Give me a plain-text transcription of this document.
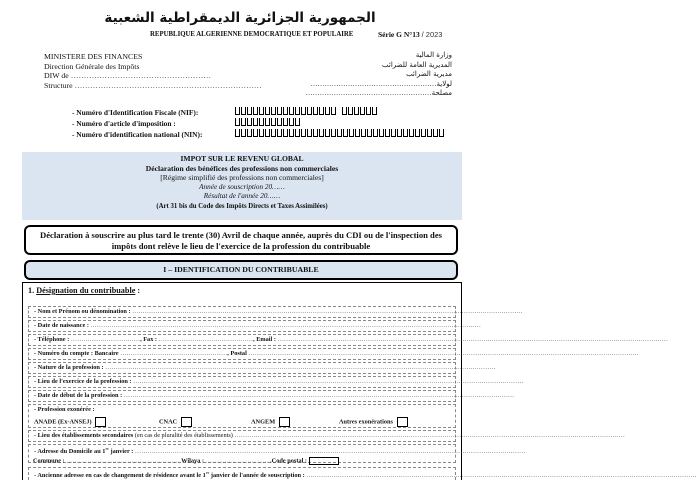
الجمهورية الجزائرية الديمقراطية الشعبية
REPUBLIQUE ALGERIENNE DEMOCRATIQUE ET POPULAIRE	Série G N°13 / 2023
MINISTERE DES FINANCES
Direction Générale des Impôts
DIW de ………………………………………………
Structure ………………………………………………………………
وزارة المالية
المديرية العامة للضرائب
مديرية الضرائب لولاية………………………………………………
مصلحة………………………………………………
- Numéro d'Identification Fiscale (NIF):
- Numéro d'article d'imposition :
- Numéro d'identification national (NIN):
IMPOT SUR LE REVENU GLOBAL
Déclaration des bénéfices des professions non commerciales
[Régime simplifié des professions non commerciales]
Année de souscription 20……
Résultat de l'année 20……
(Art 31 bis du Code des Impôts Directs et Taxes Assimilées)
Déclaration à souscrire au plus tard le trente (30) Avril de chaque année, auprès du CDI ou de l'inspection des impôts dont relève le lieu de l'exercice de la profession du contribuable
I – IDENTIFICATION DU CONTRIBUABLE
1. Désignation du contribuable :
- Nom et Prénom ou dénomination : ……………………………………………………………………………………………………………………………………………………………………
- Date de naissance : ……………………………………………………………………………………………………………………………………………………………………
- Téléphone : ……………………………, Fax : ………………………………………, Email : ……………………………………………………………………………………………………………………………………………………………………
- Numéro du compte : Bancaire ……………………………………………, Postal ……………………………………………………………………………………………………………………………………………………………………
- Nature de la profession : ……………………………………………………………………………………………………………………………………………………………………
- Lieu de l'exercice de la profession : ……………………………………………………………………………………………………………………………………………………………………
- Date de début de la profession : ……………………………………………………………………………………………………………………………………………………………………
- Profession exonérée :
ANADE (Ex-ANSEJ)	CNAC	ANGEM	Autres exonérations
- Lieu des établissements secondaires (en cas de pluralité des établissements) ……………………………………………………………………………………………………………………………………………………………………
- Adresse du Domicile au 1er janvier : ……………………………………………………………………………………………………………………………………………………………………
Commune : ……………………………………………… Wilaya : ………………………… .Code postal :
- Ancienne adresse en cas de changement de résidence avant le 1er janvier de l'année de souscription : ……………………………………………………………………………………………………………………………………………………………………
